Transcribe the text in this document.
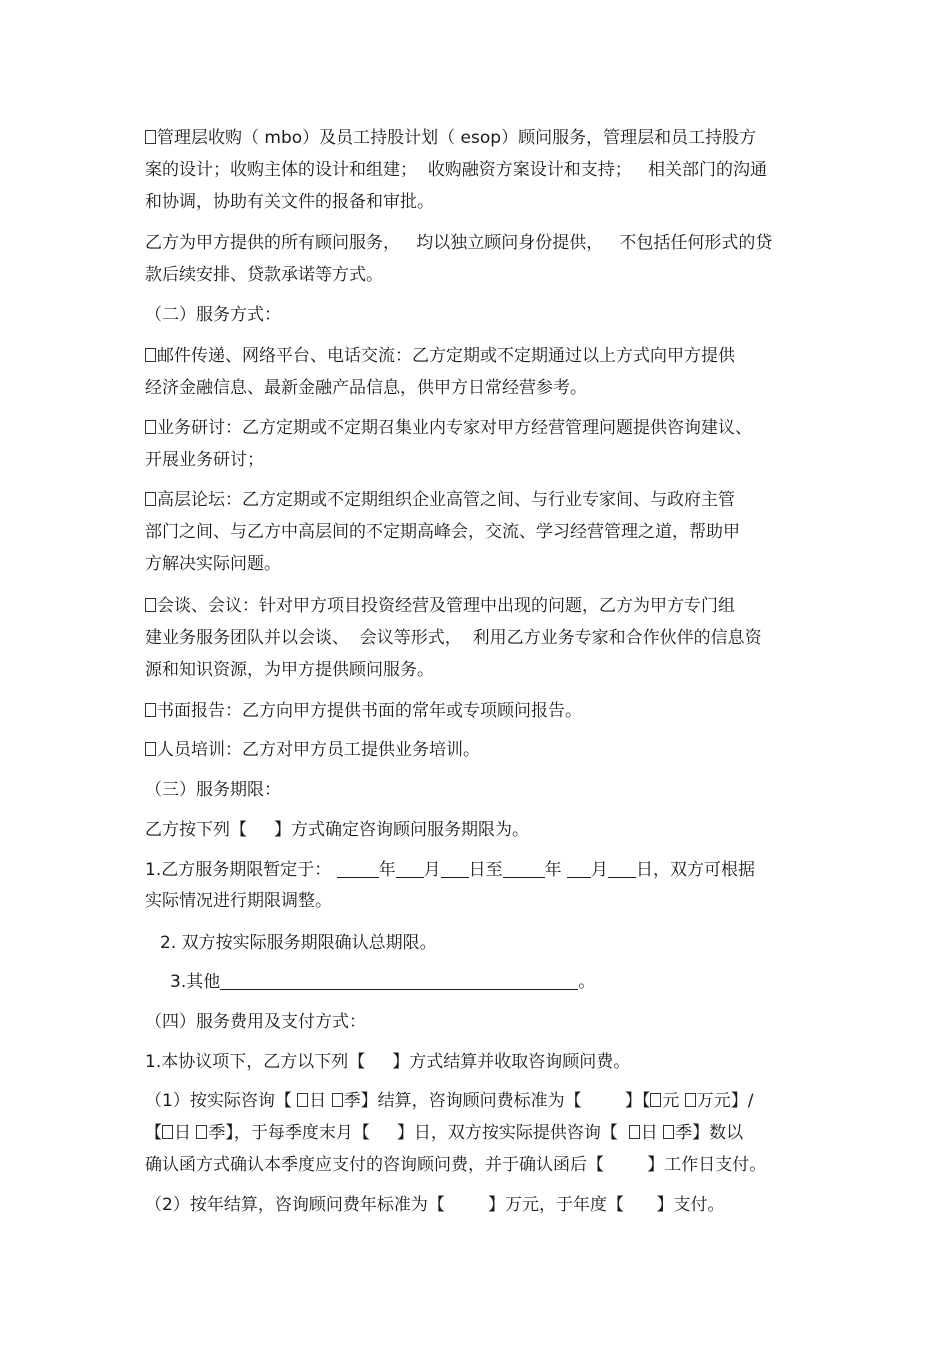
管理层收购（ mbo）及员工持股计划（ esop）顾问服务，管理层和员工持股方

案的设计；收购主体的设计和组建；  收购融资方案设计和支持；   相关部门的沟通

和协调，协助有关文件的报备和审批。

乙方为甲方提供的所有顾问服务，   均以独立顾问身份提供，   不包括任何形式的贷

款后续安排、贷款承诺等方式。

（二）服务方式：

邮件传递、网络平台、电话交流：乙方定期或不定期通过以上方式向甲方提供

经济金融信息、最新金融产品信息，供甲方日常经营参考。

业务研讨：乙方定期或不定期召集业内专家对甲方经营管理问题提供咨询建议、

开展业务研讨；

高层论坛：乙方定期或不定期组织企业高管之间、与行业专家间、与政府主管

部门之间、与乙方中高层间的不定期高峰会，交流、学习经营管理之道，帮助甲

方解决实际问题。

会谈、会议：针对甲方项目投资经营及管理中出现的问题，乙方为甲方专门组

建业务服务团队并以会谈、  会议等形式，  利用乙方业务专家和合作伙伴的信息资

源和知识资源，为甲方提供顾问服务。

书面报告：乙方向甲方提供书面的常年或专项顾问报告。

人员培训：乙方对甲方员工提供业务培训。

（三）服务期限：

乙方按下列【     】方式确定咨询顾问服务期限为。

1.乙方服务期限暂定于：	年 月 日至 年 月 日，双方可根据

实际情况进行期限调整。

2. 双方按实际服务期限确认总期限。

3.其他	。

（四）服务费用及支付方式：

1.本协议项下，乙方以下列【     】方式结算并收取咨询顾问费。

（1）按实际咨询【 日 季】结算，咨询顾问费标准为【        】【 元 万元】/

【 日 季】，于每季度末月【     】日，双方按实际提供咨询【  日 季】数以

确认函方式确认本季度应支付的咨询顾问费，并于确认函后【        】工作日支付。

（2）按年结算，咨询顾问费年标准为【        】万元，于年度【      】支付。
